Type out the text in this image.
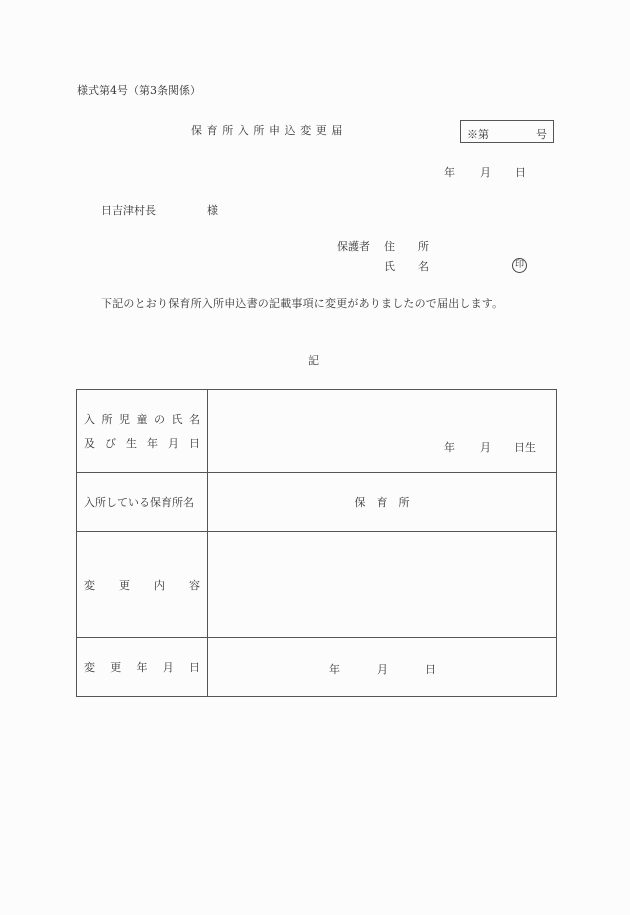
様式第4号（第3条関係）
保育所入所申込変更届	※第	号
年 月 日
日吉津村長	様
保護者 住　所
氏　名	印
下記のとおり保育所入所申込書の記載事項に変更がありましたので届出します。
記
入 所 児 童 の 氏 名
及 び 生 年 月 日	年 月 日生

入所している保育所名	保　育　所

変 更 内 容	

変 更 年 月 日	年 月 日
